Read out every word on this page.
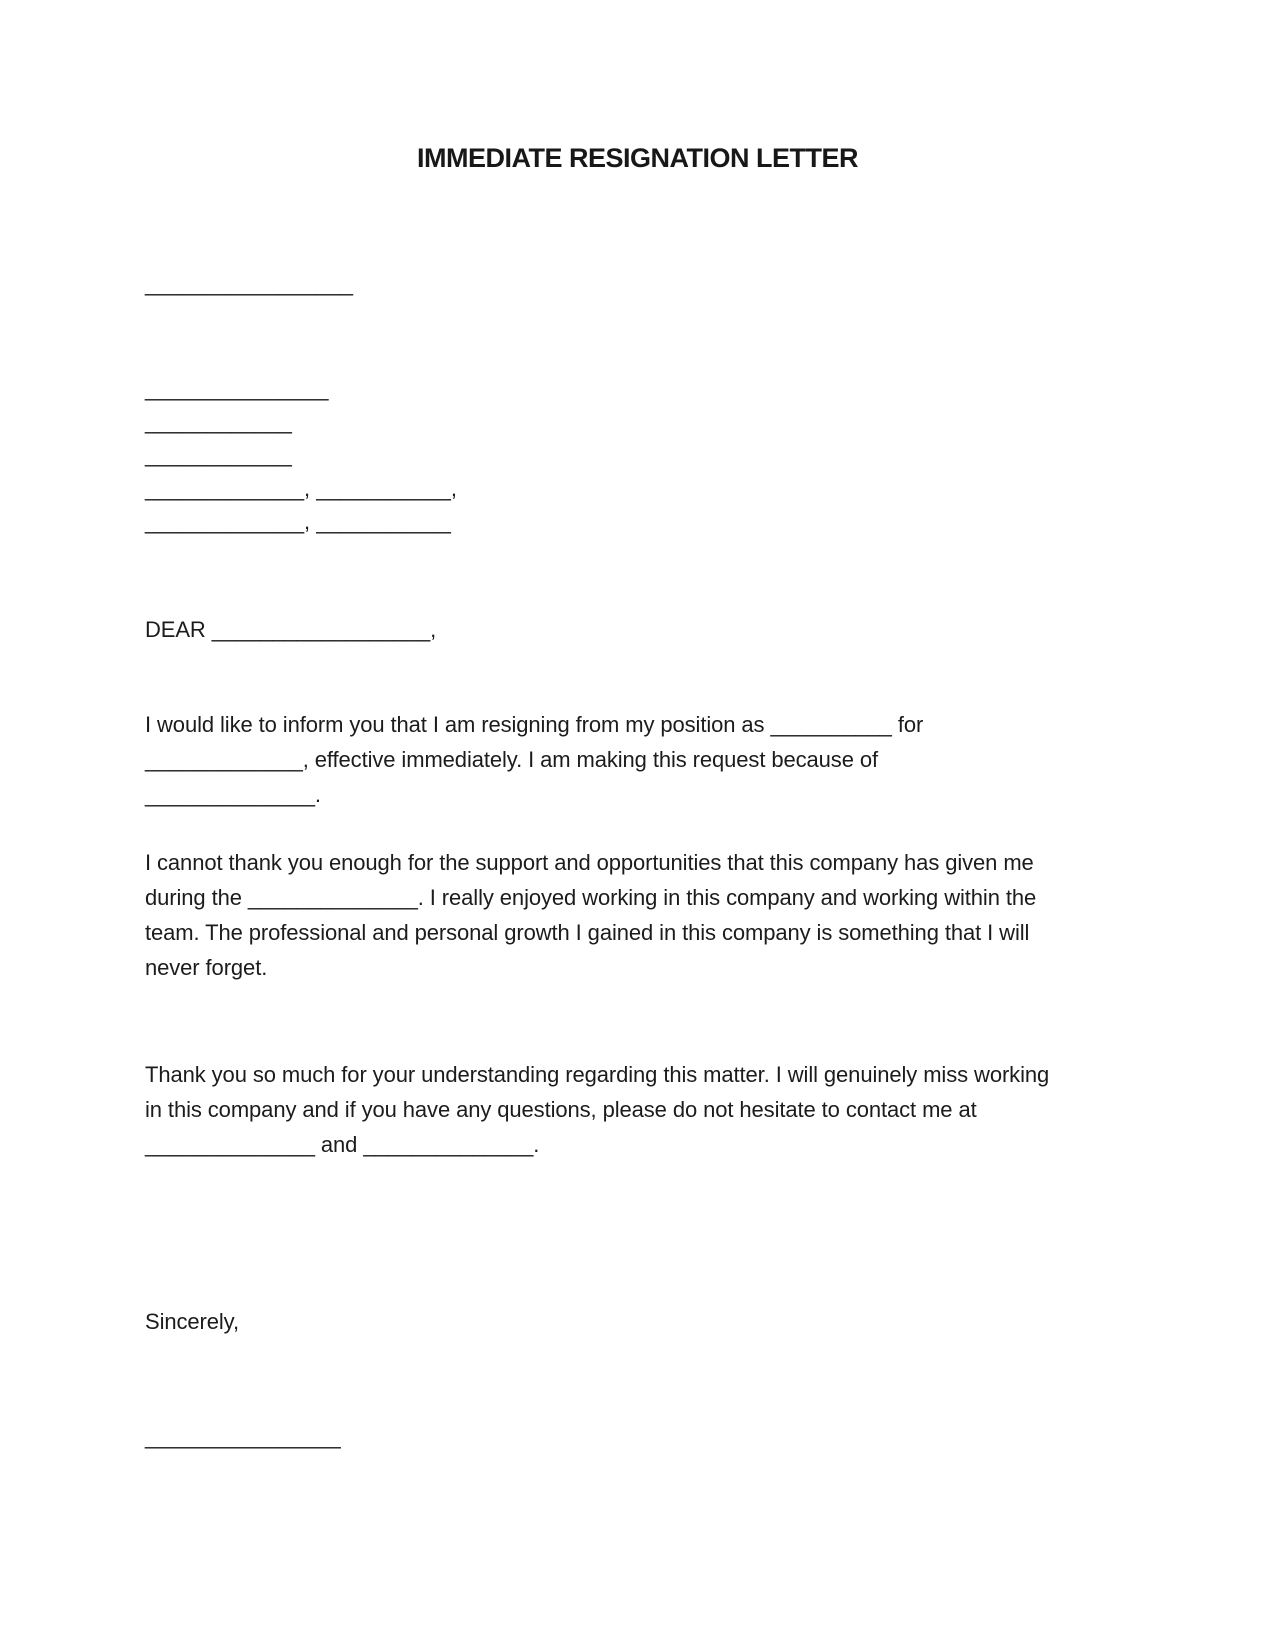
IMMEDIATE RESIGNATION LETTER
_________________
_______________
____________
____________
_____________, ___________,
_____________, ___________
DEAR __________________,
I would like to inform you that I am resigning from my position as __________ for
_____________, effective immediately. I am making this request because of
______________.
I cannot thank you enough for the support and opportunities that this company has given me
during the ______________. I really enjoyed working in this company and working within the
team. The professional and personal growth I gained in this company is something that I will
never forget.
Thank you so much for your understanding regarding this matter. I will genuinely miss working
in this company and if you have any questions, please do not hesitate to contact me at
______________ and ______________.
Sincerely,
________________
